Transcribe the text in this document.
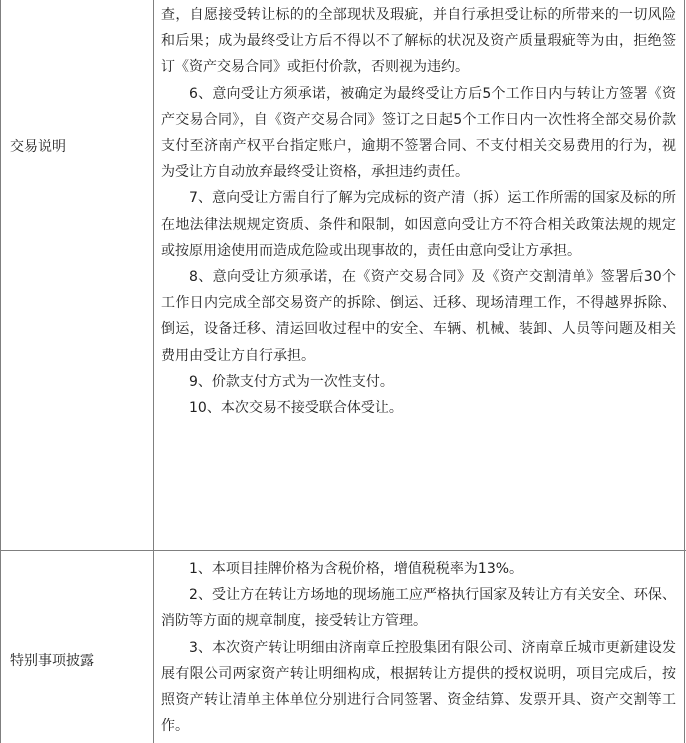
交易说明

查，自愿接受转让标的的全部现状及瑕疵，并自行承担受让标的所带来的一切风险和后果；成为最终受让方后不得以不了解标的状况及资产质量瑕疵等为由，拒绝签订《资产交易合同》或拒付价款，否则视为违约。

6、意向受让方须承诺，被确定为最终受让方后5个工作日内与转让方签署《资产交易合同》，自《资产交易合同》签订之日起5个工作日内一次性将全部交易价款支付至济南产权平台指定账户，逾期不签署合同、不支付相关交易费用的行为，视为受让方自动放弃最终受让资格，承担违约责任。

7、意向受让方需自行了解为完成标的资产清（拆）运工作所需的国家及标的所在地法律法规规定资质、条件和限制，如因意向受让方不符合相关政策法规的规定或按原用途使用而造成危险或出现事故的，责任由意向受让方承担。

8、意向受让方须承诺，在《资产交易合同》及《资产交割清单》签署后30个工作日内完成全部交易资产的拆除、倒运、迁移、现场清理工作，不得越界拆除、倒运，设备迁移、清运回收过程中的安全、车辆、机械、装卸、人员等问题及相关费用由受让方自行承担。

9、价款支付方式为一次性支付。

10、本次交易不接受联合体受让。

特别事项披露

1、本项目挂牌价格为含税价格，增值税税率为13%。

2、受让方在转让方场地的现场施工应严格执行国家及转让方有关安全、环保、消防等方面的规章制度，接受转让方管理。

3、本次资产转让明细由济南章丘控股集团有限公司、济南章丘城市更新建设发展有限公司两家资产转让明细构成，根据转让方提供的授权说明，项目完成后，按照资产转让清单主体单位分别进行合同签署、资金结算、发票开具、资产交割等工作。
